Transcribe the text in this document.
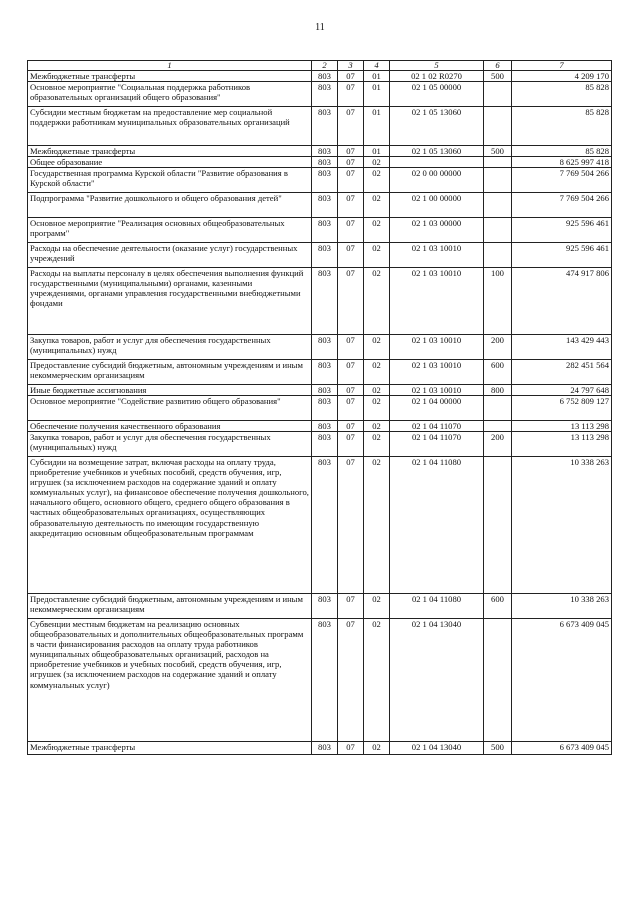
11
1	2	3	4	5	6	7
Межбюджетные трансферты	803	07	01	02 1 02 R0270	500	4 209 170
Основное мероприятие "Социальная поддержка работников образовательных организаций общего образования"	803	07	01	02 1 05 00000		85 828
Субсидии местным бюджетам на предоставление мер социальной поддержки работникам муниципальных образовательных организаций	803	07	01	02 1 05 13060		85 828
Межбюджетные трансферты	803	07	01	02 1 05 13060	500	85 828
Общее образование	803	07	02			8 625 997 418
Государственная программа Курской области "Развитие образования в Курской области"	803	07	02	02 0 00 00000		7 769 504 266
Подпрограмма "Развитие дошкольного и общего образования детей"	803	07	02	02 1 00 00000		7 769 504 266
Основное мероприятие "Реализация основных общеобразовательных программ"	803	07	02	02 1 03 00000		925 596 461
Расходы на обеспечение деятельности (оказание услуг) государственных учреждений	803	07	02	02 1 03 10010		925 596 461
Расходы на выплаты персоналу в целях обеспечения выполнения функций государственными (муниципальными) органами, казенными учреждениями, органами управления государственными внебюджетными фондами	803	07	02	02 1 03 10010	100	474 917 806
Закупка товаров, работ и услуг для обеспечения государственных (муниципальных) нужд	803	07	02	02 1 03 10010	200	143 429 443
Предоставление субсидий бюджетным, автономным учреждениям и иным некоммерческим организациям	803	07	02	02 1 03 10010	600	282 451 564
Иные бюджетные ассигнования	803	07	02	02 1 03 10010	800	24 797 648
Основное мероприятие "Содействие развитию общего образования"	803	07	02	02 1 04 00000		6 752 809 127
Обеспечение получения качественного образования	803	07	02	02 1 04 11070		13 113 298
Закупка товаров, работ и услуг для обеспечения государственных (муниципальных) нужд	803	07	02	02 1 04 11070	200	13 113 298
Субсидии на возмещение затрат, включая расходы на оплату труда, приобретение учебников и учебных пособий, средств обучения, игр, игрушек (за исключением расходов на содержание зданий и оплату коммунальных услуг), на финансовое обеспечение получения дошкольного, начального общего, основного общего, среднего общего образования в частных общеобразовательных организациях, осуществляющих образовательную деятельность по имеющим государственную аккредитацию основным общеобразовательным программам	803	07	02	02 1 04 11080		10 338 263
Предоставление субсидий бюджетным, автономным учреждениям и иным некоммерческим организациям	803	07	02	02 1 04 11080	600	10 338 263
Субвенции местным бюджетам на реализацию основных общеобразовательных и дополнительных общеобразовательных программ в части финансирования расходов на оплату труда работников муниципальных общеобразовательных организаций, расходов на приобретение учебников и учебных пособий, средств обучения, игр, игрушек (за исключением расходов на содержание зданий и оплату коммунальных услуг)	803	07	02	02 1 04 13040		6 673 409 045
Межбюджетные трансферты	803	07	02	02 1 04 13040	500	6 673 409 045
